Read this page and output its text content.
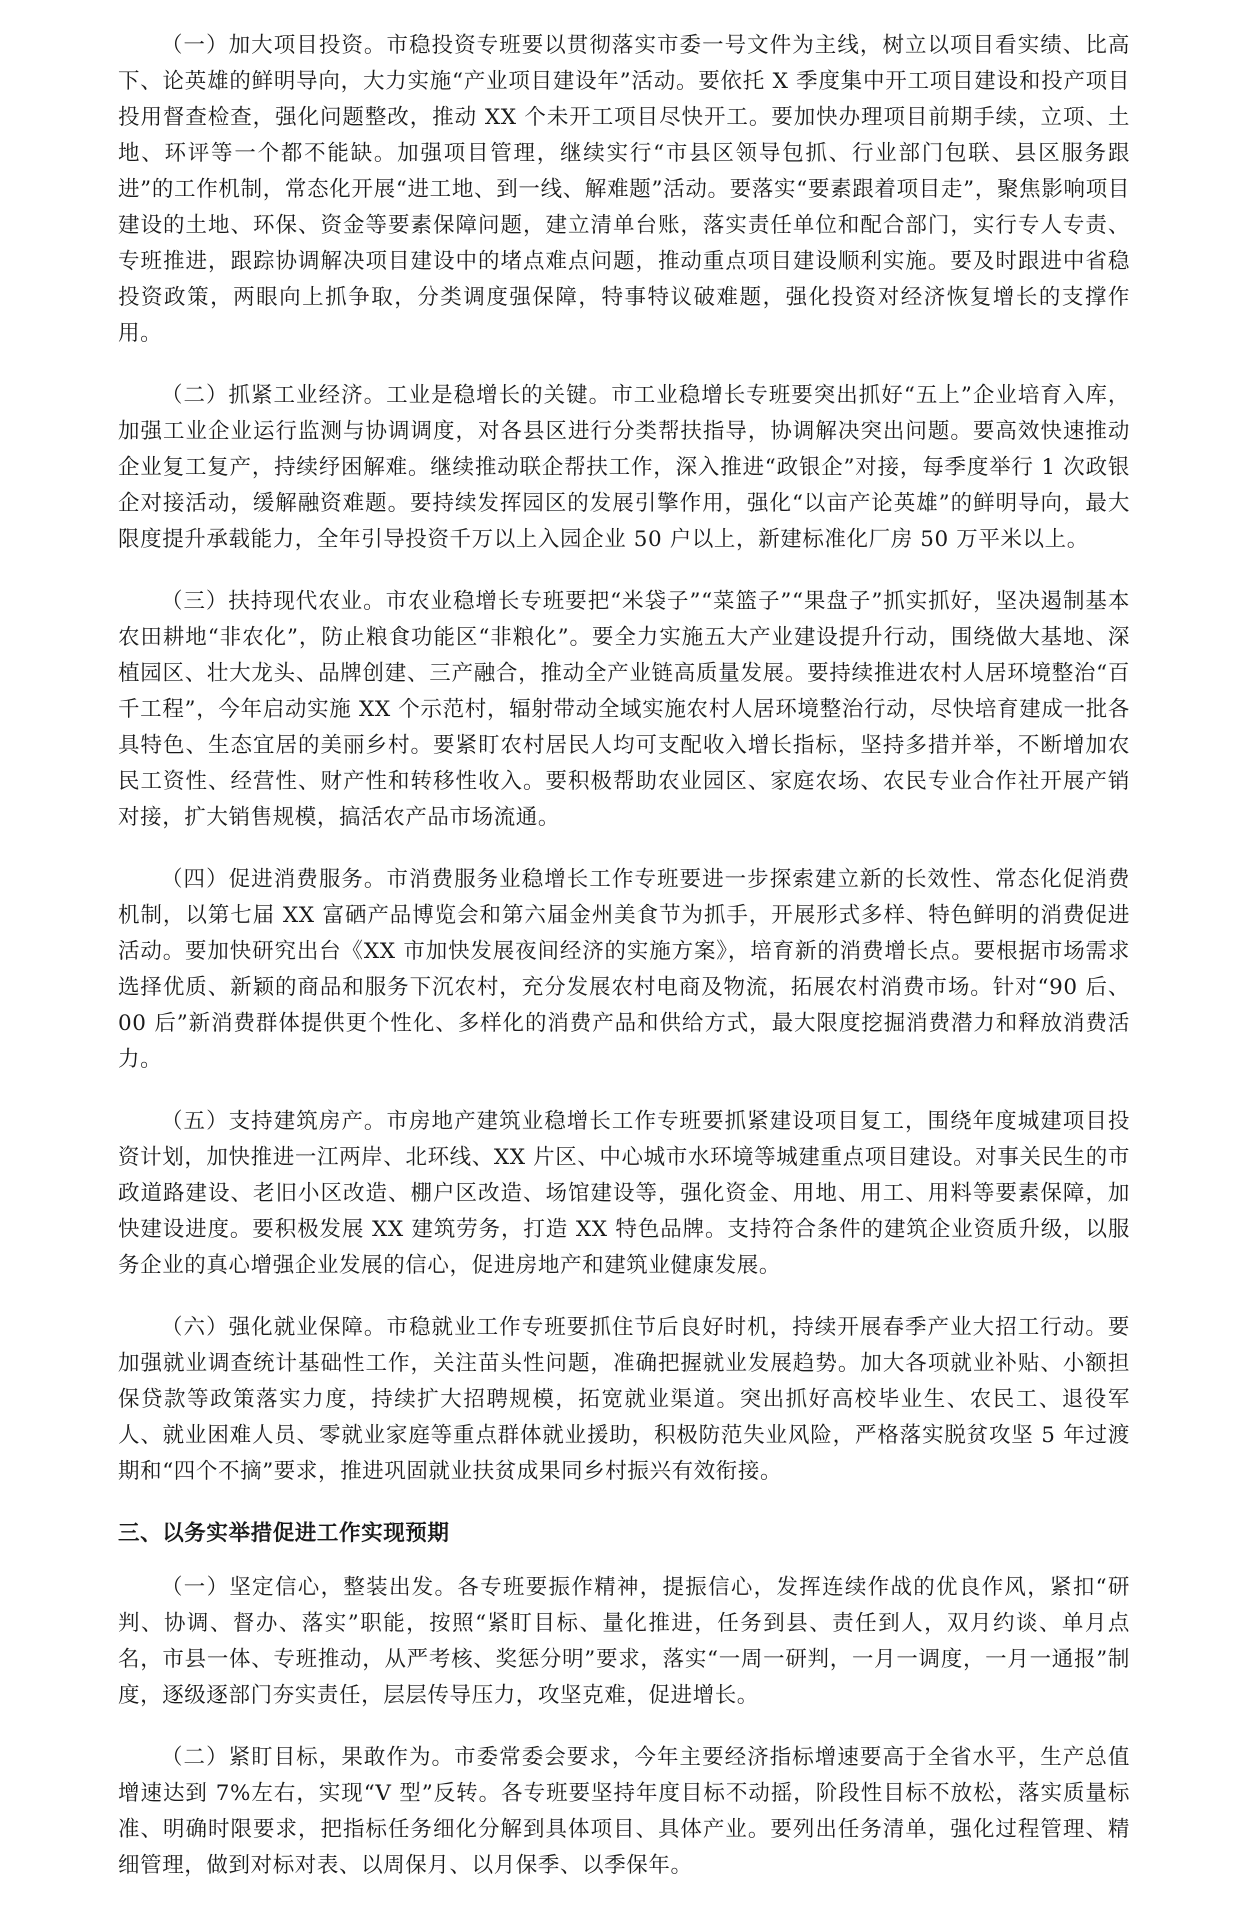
（一）加大项目投资。市稳投资专班要以贯彻落实市委一号文件为主线，树立以项目看实绩、比高下、论英雄的鲜明导向，大力实施“产业项目建设年”活动。要依托 X 季度集中开工项目建设和投产项目投用督查检查，强化问题整改，推动 XX 个未开工项目尽快开工。要加快办理项目前期手续，立项、土地、环评等一个都不能缺。加强项目管理，继续实行“市县区领导包抓、行业部门包联、县区服务跟进”的工作机制，常态化开展“进工地、到一线、解难题”活动。要落实“要素跟着项目走”，聚焦影响项目建设的土地、环保、资金等要素保障问题，建立清单台账，落实责任单位和配合部门，实行专人专责、专班推进，跟踪协调解决项目建设中的堵点难点问题，推动重点项目建设顺利实施。要及时跟进中省稳投资政策，两眼向上抓争取，分类调度强保障，特事特议破难题，强化投资对经济恢复增长的支撑作用。

（二）抓紧工业经济。工业是稳增长的关键。市工业稳增长专班要突出抓好“五上”企业培育入库，加强工业企业运行监测与协调调度，对各县区进行分类帮扶指导，协调解决突出问题。要高效快速推动企业复工复产，持续纾困解难。继续推动联企帮扶工作，深入推进“政银企”对接，每季度举行 1 次政银企对接活动，缓解融资难题。要持续发挥园区的发展引擎作用，强化“以亩产论英雄”的鲜明导向，最大限度提升承载能力，全年引导投资千万以上入园企业 50 户以上，新建标准化厂房 50 万平米以上。

（三）扶持现代农业。市农业稳增长专班要把“米袋子”“菜篮子”“果盘子”抓实抓好，坚决遏制基本农田耕地“非农化”，防止粮食功能区“非粮化”。要全力实施五大产业建设提升行动，围绕做大基地、深植园区、壮大龙头、品牌创建、三产融合，推动全产业链高质量发展。要持续推进农村人居环境整治“百千工程”，今年启动实施 XX 个示范村，辐射带动全域实施农村人居环境整治行动，尽快培育建成一批各具特色、生态宜居的美丽乡村。要紧盯农村居民人均可支配收入增长指标，坚持多措并举，不断增加农民工资性、经营性、财产性和转移性收入。要积极帮助农业园区、家庭农场、农民专业合作社开展产销对接，扩大销售规模，搞活农产品市场流通。

（四）促进消费服务。市消费服务业稳增长工作专班要进一步探索建立新的长效性、常态化促消费机制，以第七届 XX 富硒产品博览会和第六届金州美食节为抓手，开展形式多样、特色鲜明的消费促进活动。要加快研究出台《XX 市加快发展夜间经济的实施方案》，培育新的消费增长点。要根据市场需求选择优质、新颖的商品和服务下沉农村，充分发展农村电商及物流，拓展农村消费市场。针对“90 后、00 后”新消费群体提供更个性化、多样化的消费产品和供给方式，最大限度挖掘消费潜力和释放消费活力。

（五）支持建筑房产。市房地产建筑业稳增长工作专班要抓紧建设项目复工，围绕年度城建项目投资计划，加快推进一江两岸、北环线、XX 片区、中心城市水环境等城建重点项目建设。对事关民生的市政道路建设、老旧小区改造、棚户区改造、场馆建设等，强化资金、用地、用工、用料等要素保障，加快建设进度。要积极发展 XX 建筑劳务，打造 XX 特色品牌。支持符合条件的建筑企业资质升级，以服务企业的真心增强企业发展的信心，促进房地产和建筑业健康发展。

（六）强化就业保障。市稳就业工作专班要抓住节后良好时机，持续开展春季产业大招工行动。要加强就业调查统计基础性工作，关注苗头性问题，准确把握就业发展趋势。加大各项就业补贴、小额担保贷款等政策落实力度，持续扩大招聘规模，拓宽就业渠道。突出抓好高校毕业生、农民工、退役军人、就业困难人员、零就业家庭等重点群体就业援助，积极防范失业风险，严格落实脱贫攻坚 5 年过渡期和“四个不摘”要求，推进巩固就业扶贫成果同乡村振兴有效衔接。

三、以务实举措促进工作实现预期

（一）坚定信心，整装出发。各专班要振作精神，提振信心，发挥连续作战的优良作风，紧扣“研判、协调、督办、落实”职能，按照“紧盯目标、量化推进，任务到县、责任到人，双月约谈、单月点名，市县一体、专班推动，从严考核、奖惩分明”要求，落实“一周一研判，一月一调度，一月一通报”制度，逐级逐部门夯实责任，层层传导压力，攻坚克难，促进增长。

（二）紧盯目标，果敢作为。市委常委会要求，今年主要经济指标增速要高于全省水平，生产总值增速达到 7%左右，实现“V 型”反转。各专班要坚持年度目标不动摇，阶段性目标不放松，落实质量标准、明确时限要求，把指标任务细化分解到具体项目、具体产业。要列出任务清单，强化过程管理、精细管理，做到对标对表、以周保月、以月保季、以季保年。
